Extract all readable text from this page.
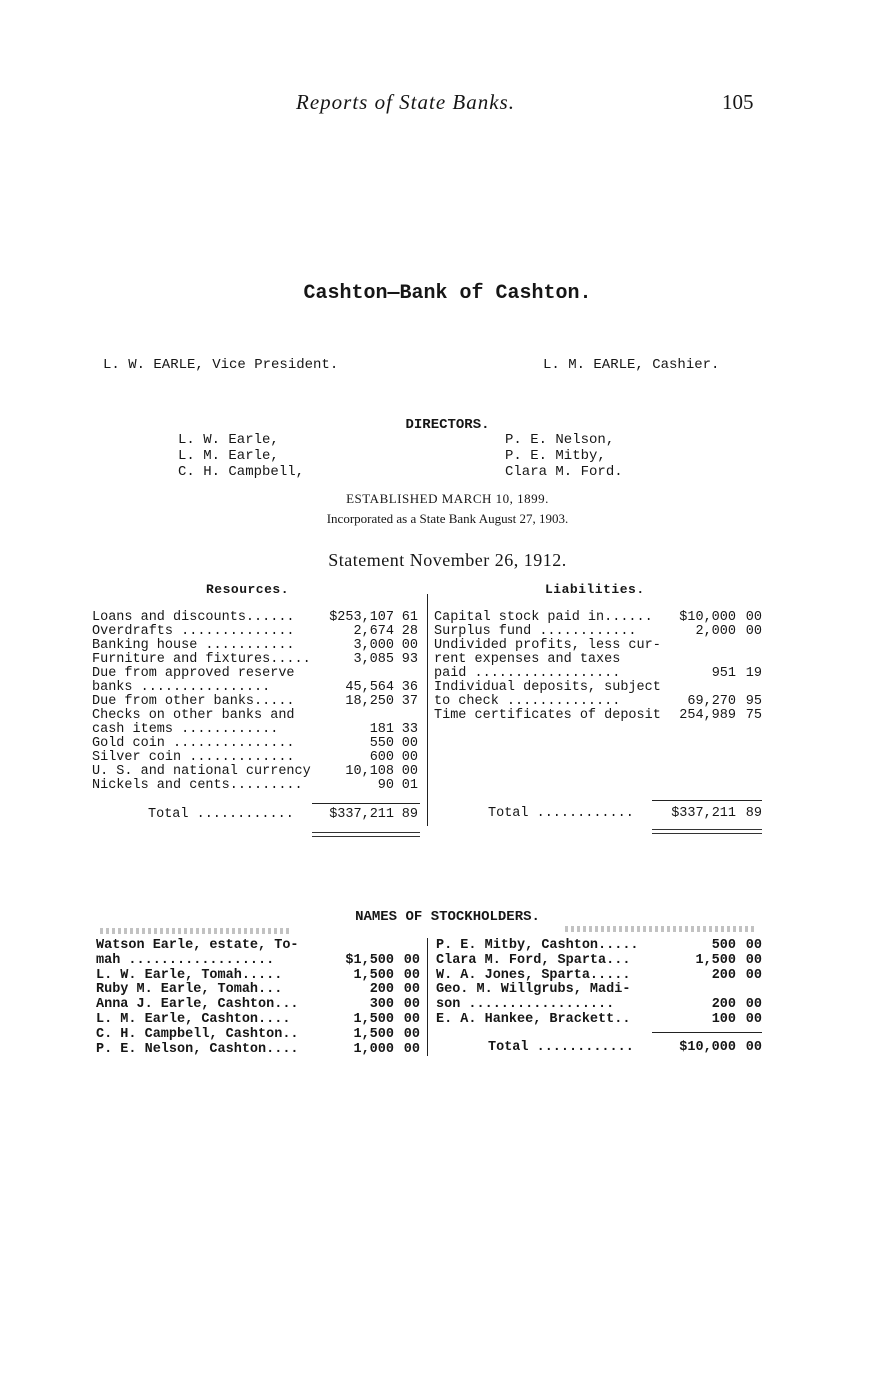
Reports of State Banks.	105
Cashton—Bank of Cashton.
L. W. EARLE, Vice President.	L. M. EARLE, Cashier.
DIRECTORS.
L. W. Earle,
L. M. Earle,
C. H. Campbell,
P. E. Nelson,
P. E. Mitby,
Clara M. Ford.
ESTABLISHED MARCH 10, 1899.
Incorporated as a State Bank August 27, 1903.
Statement November 26, 1912.
Resources.	Liabilities.
Loans and discounts......	$253,107 61
Overdrafts ..............	2,674 28
Banking house ...........	3,000 00
Furniture and fixtures.....	3,085 93
Due from approved reserve
banks ................	45,564 36
Due from other banks.....	18,250 37
Checks on other banks and
cash items ............	181 33
Gold coin ...............	550 00
Silver coin .............	600 00
U. S. and national currency	10,108 00
Nickels and cents.........	90 01
Total ............	$337,211 89
Capital stock paid in...... $10,000 00
Surplus fund ............	2,000 00
Undivided profits, less cur-
rent expenses and taxes
paid ..................	951 19
Individual deposits, subject
to check ..............	69,270 95
Time certificates of deposit 254,989 75
Total ............	$337,211 89
NAMES OF STOCKHOLDERS.
Watson Earle, estate, To-
mah ..................	$1,500 00
L. W. Earle, Tomah.....	1,500 00
Ruby M. Earle, Tomah...	200 00
Anna J. Earle, Cashton...	300 00
L. M. Earle, Cashton....	1,500 00
C. H. Campbell, Cashton..	1,500 00
P. E. Nelson, Cashton....	1,000 00
P. E. Mitby, Cashton.....	500 00
Clara M. Ford, Sparta...	1,500 00
W. A. Jones, Sparta.....	200 00
Geo. M. Willgrubs, Madi-
son ..................	200 00
E. A. Hankee, Brackett..	100 00
Total ............	$10,000 00
